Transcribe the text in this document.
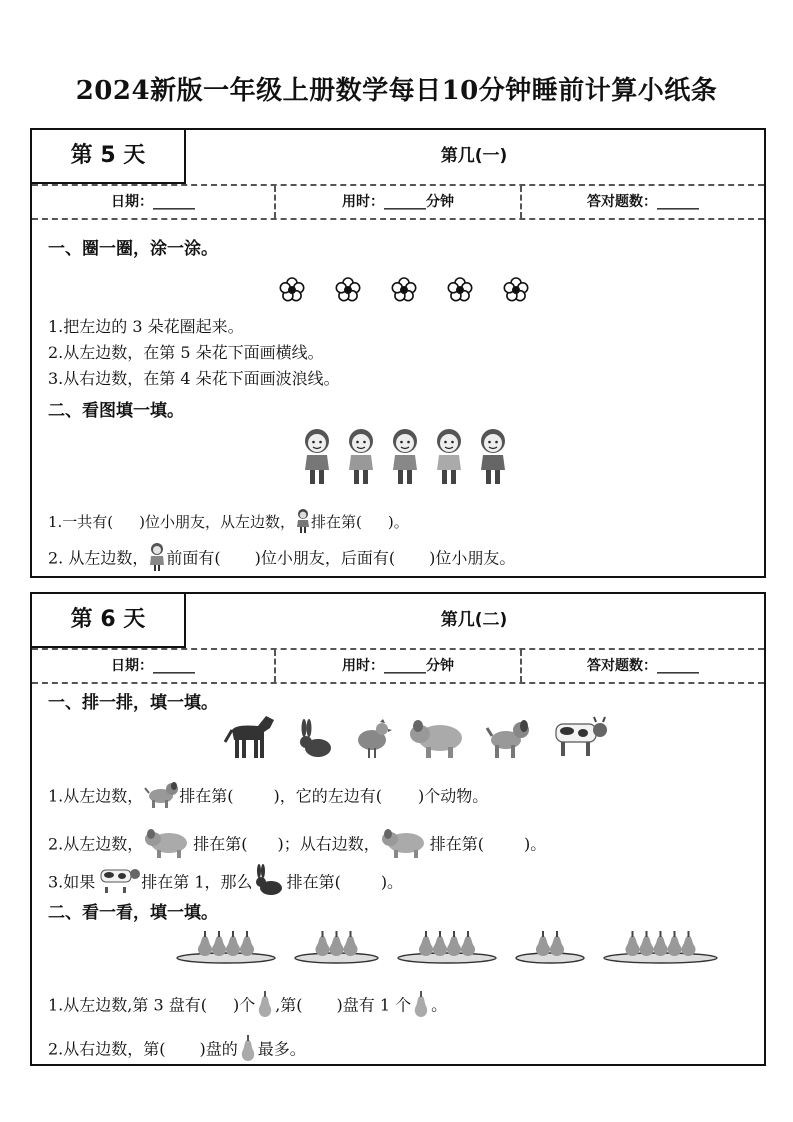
2024新版一年级上册数学每日10分钟睡前计算小纸条
第 5 天	第几(一)
日期：______	用时：______分钟	答对题数：______
一、圈一圈，涂一涂。
1.把左边的 3 朵花圈起来。
2.从左边数，在第 5 朵花下面画横线。
3.从右边数，在第 4 朵花下面画波浪线。
二、看图填一填。
1.一共有( )位小朋友，从左边数， 排在第( )。
2. 从左边数， 前面有( )位小朋友，后面有( )位小朋友。
第 6 天	第几(二)
日期：______	用时：______分钟	答对题数：______
一、排一排，填一填。
1.从左边数， 排在第(	)，它的左边有( )个动物。
2.从左边数，	排在第( )；从右边数，	排在第(	)。
3.如果	排在第 1，那么 排在第(	)。
二、看一看，填一填。
1.从左边数,第 3 盘有( )个 ,第( )盘有 1 个 。
2.从右边数，第( )盘的 最多。
